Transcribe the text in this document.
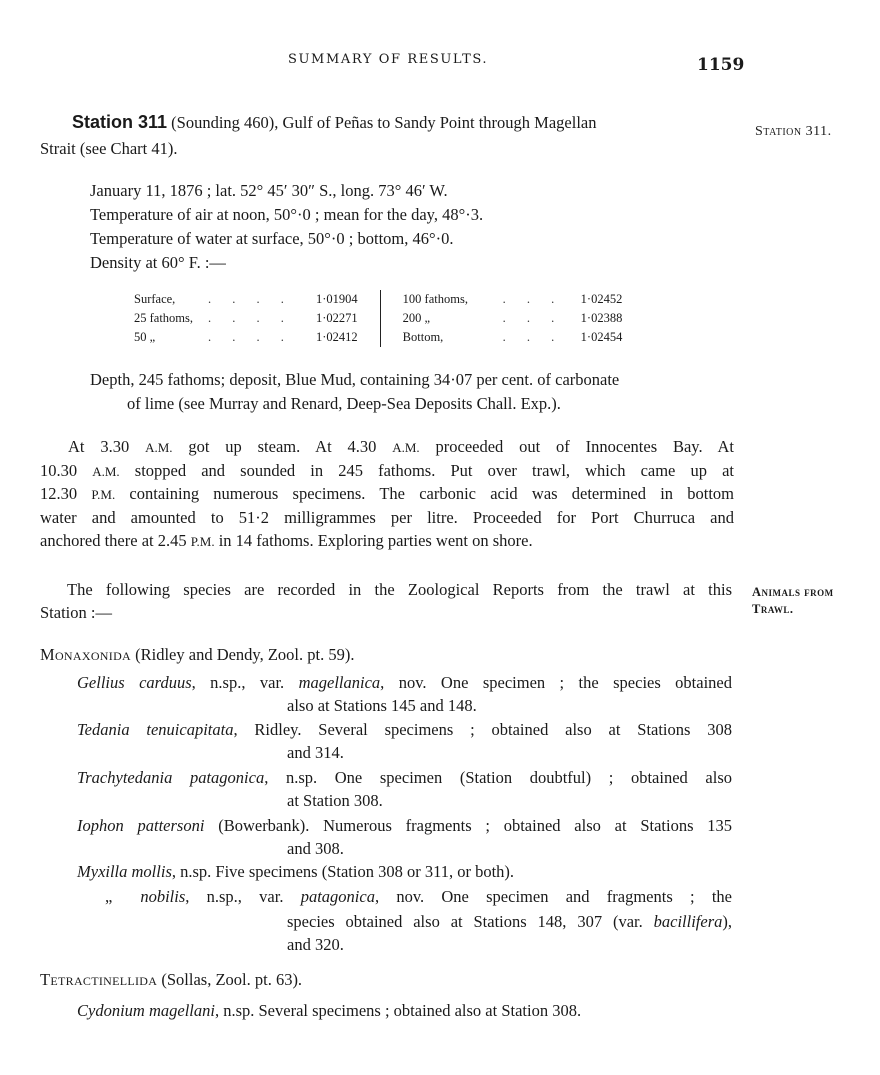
SUMMARY OF RESULTS.	1159
Station 311 (Sounding 460), Gulf of Peñas to Sandy Point through Magellan
Strait (see Chart 41).
Station 311.
January 11, 1876 ; lat. 52° 45′ 30″ S., long. 73° 46′ W.
Temperature of air at noon, 50°·0 ; mean for the day, 48°·3.
Temperature of water at surface, 50°·0 ; bottom, 46°·0.
Density at 60° F. :—
Surface,	. . . .	1·01904	100 fathoms,	. . .	1·02452
25 fathoms,	. . . .	1·02271	200 „	. . .	1·02388
50 „	. . . .	1·02412	Bottom,	. . .	1·02454
Depth, 245 fathoms; deposit, Blue Mud, containing 34·07 per cent. of carbonate
of lime (see Murray and Renard, Deep-Sea Deposits Chall. Exp.).
At 3.30 A.M. got up steam. At 4.30 A.M. proceeded out of Innocentes Bay. At
10.30 A.M. stopped and sounded in 245 fathoms. Put over trawl, which came up at
12.30 P.M. containing numerous specimens. The carbonic acid was determined in bottom
water and amounted to 51·2 milligrammes per litre. Proceeded for Port Churruca and
anchored there at 2.45 P.M. in 14 fathoms. Exploring parties went on shore.
The following species are recorded in the Zoological Reports from the trawl at this
Station :—
Animals from
Trawl.
Monaxonida (Ridley and Dendy, Zool. pt. 59).
Gellius carduus, n.sp., var. magellanica, nov. One specimen ; the species obtained
also at Stations 145 and 148.
Tedania tenuicapitata, Ridley. Several specimens ; obtained also at Stations 308
and 314.
Trachytedania patagonica, n.sp. One specimen (Station doubtful) ; obtained also
at Station 308.
Iophon pattersoni (Bowerbank). Numerous fragments ; obtained also at Stations 135
and 308.
Myxilla mollis, n.sp. Five specimens (Station 308 or 311, or both).
„ nobilis, n.sp., var. patagonica, nov. One specimen and fragments ; the
species obtained also at Stations 148, 307 (var. bacillifera),
and 320.
Tetractinellida (Sollas, Zool. pt. 63).
Cydonium magellani, n.sp. Several specimens ; obtained also at Station 308.
